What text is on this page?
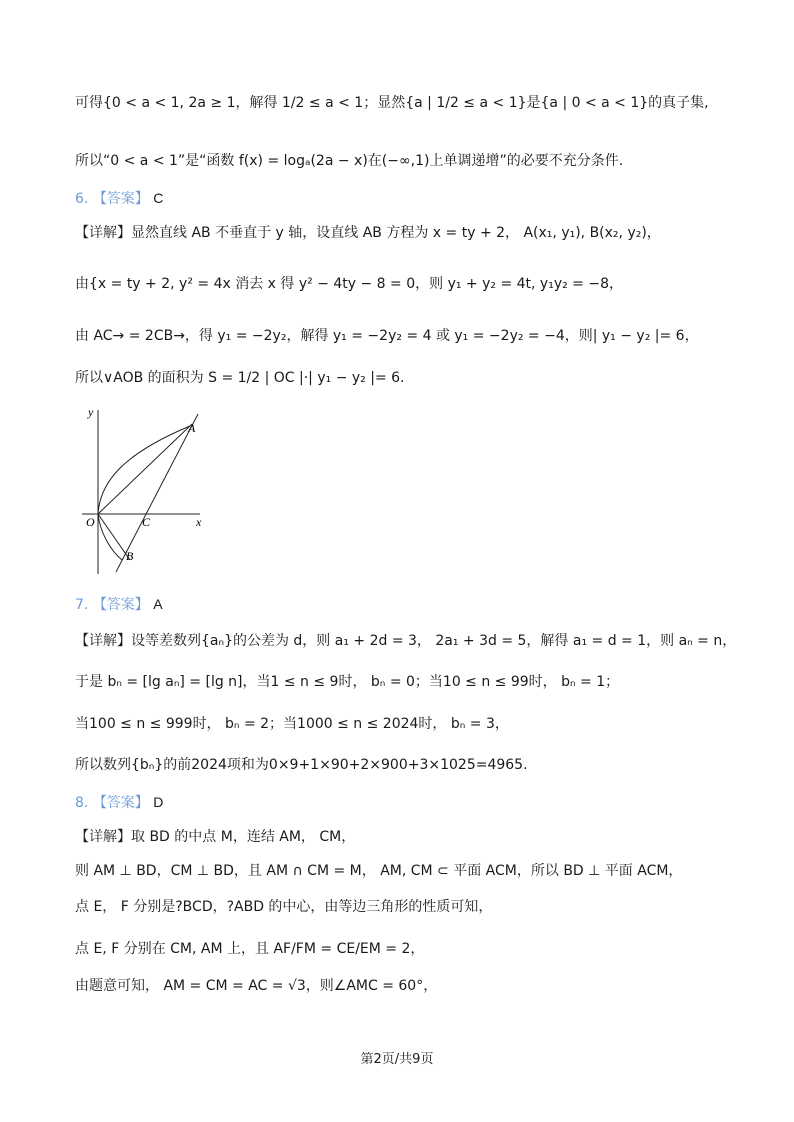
可得{0 < a < 1, 2a ≥ 1，解得 1/2 ≤ a < 1；显然{a | 1/2 ≤ a < 1}是{a | 0 < a < 1}的真子集,
所以“0 < a < 1”是“函数 f(x) = logₐ(2a − x)在(−∞,1)上单调递增”的必要不充分条件.
6. 【答案】 C
【详解】显然直线 AB 不垂直于 y 轴，设直线 AB 方程为 x = ty + 2， A(x₁, y₁), B(x₂, y₂)，
由{x = ty + 2, y² = 4x 消去 x 得 y² − 4ty − 8 = 0，则 y₁ + y₂ = 4t, y₁y₂ = −8，
由 AC→ = 2CB→，得 y₁ = −2y₂，解得 y₁ = −2y₂ = 4 或 y₁ = −2y₂ = −4，则| y₁ − y₂ |= 6，
所以∨AOB 的面积为 S = 1/2 | OC |·| y₁ − y₂ |= 6.
y
x
O
A
B
C
7. 【答案】 A
【详解】设等差数列{aₙ}的公差为 d，则 a₁ + 2d = 3， 2a₁ + 3d = 5，解得 a₁ = d = 1，则 aₙ = n，
于是 bₙ = [lg aₙ] = [lg n]，当1 ≤ n ≤ 9时， bₙ = 0；当10 ≤ n ≤ 99时， bₙ = 1；
当100 ≤ n ≤ 999时， bₙ = 2；当1000 ≤ n ≤ 2024时， bₙ = 3，
所以数列{bₙ}的前2024项和为0×9+1×90+2×900+3×1025=4965.
8. 【答案】 D
【详解】取 BD 的中点 M，连结 AM， CM，
则 AM ⊥ BD，CM ⊥ BD，且 AM ∩ CM = M， AM, CM ⊂ 平面 ACM，所以 BD ⊥ 平面 ACM，
点 E， F 分别是?BCD，?ABD 的中心，由等边三角形的性质可知，
点 E, F 分别在 CM, AM 上，且 AF/FM = CE/EM = 2，
由题意可知， AM = CM = AC = √3，则∠AMC = 60°，
第2页/共9页
